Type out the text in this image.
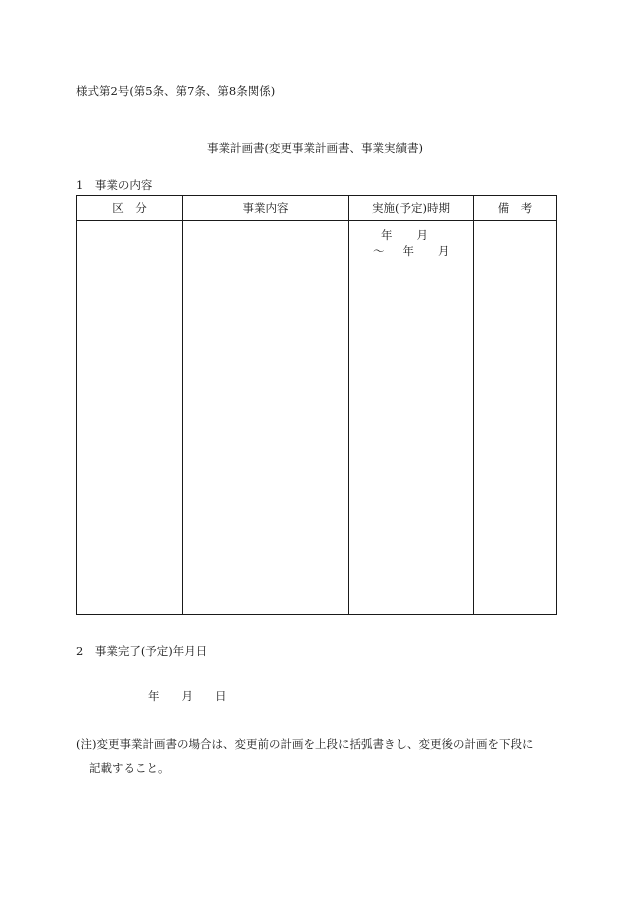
様式第2号(第5条、第7条、第8条関係)
事業計画書(変更事業計画書、事業実績書)
1　事業の内容
区　分	事業内容	実施(予定)時期	備　考

		年 月
～ 年 月	

2　事業完了(予定)年月日
年 月 日
(注)変更事業計画書の場合は、変更前の計画を上段に括弧書きし、変更後の計画を下段に
記載すること。
